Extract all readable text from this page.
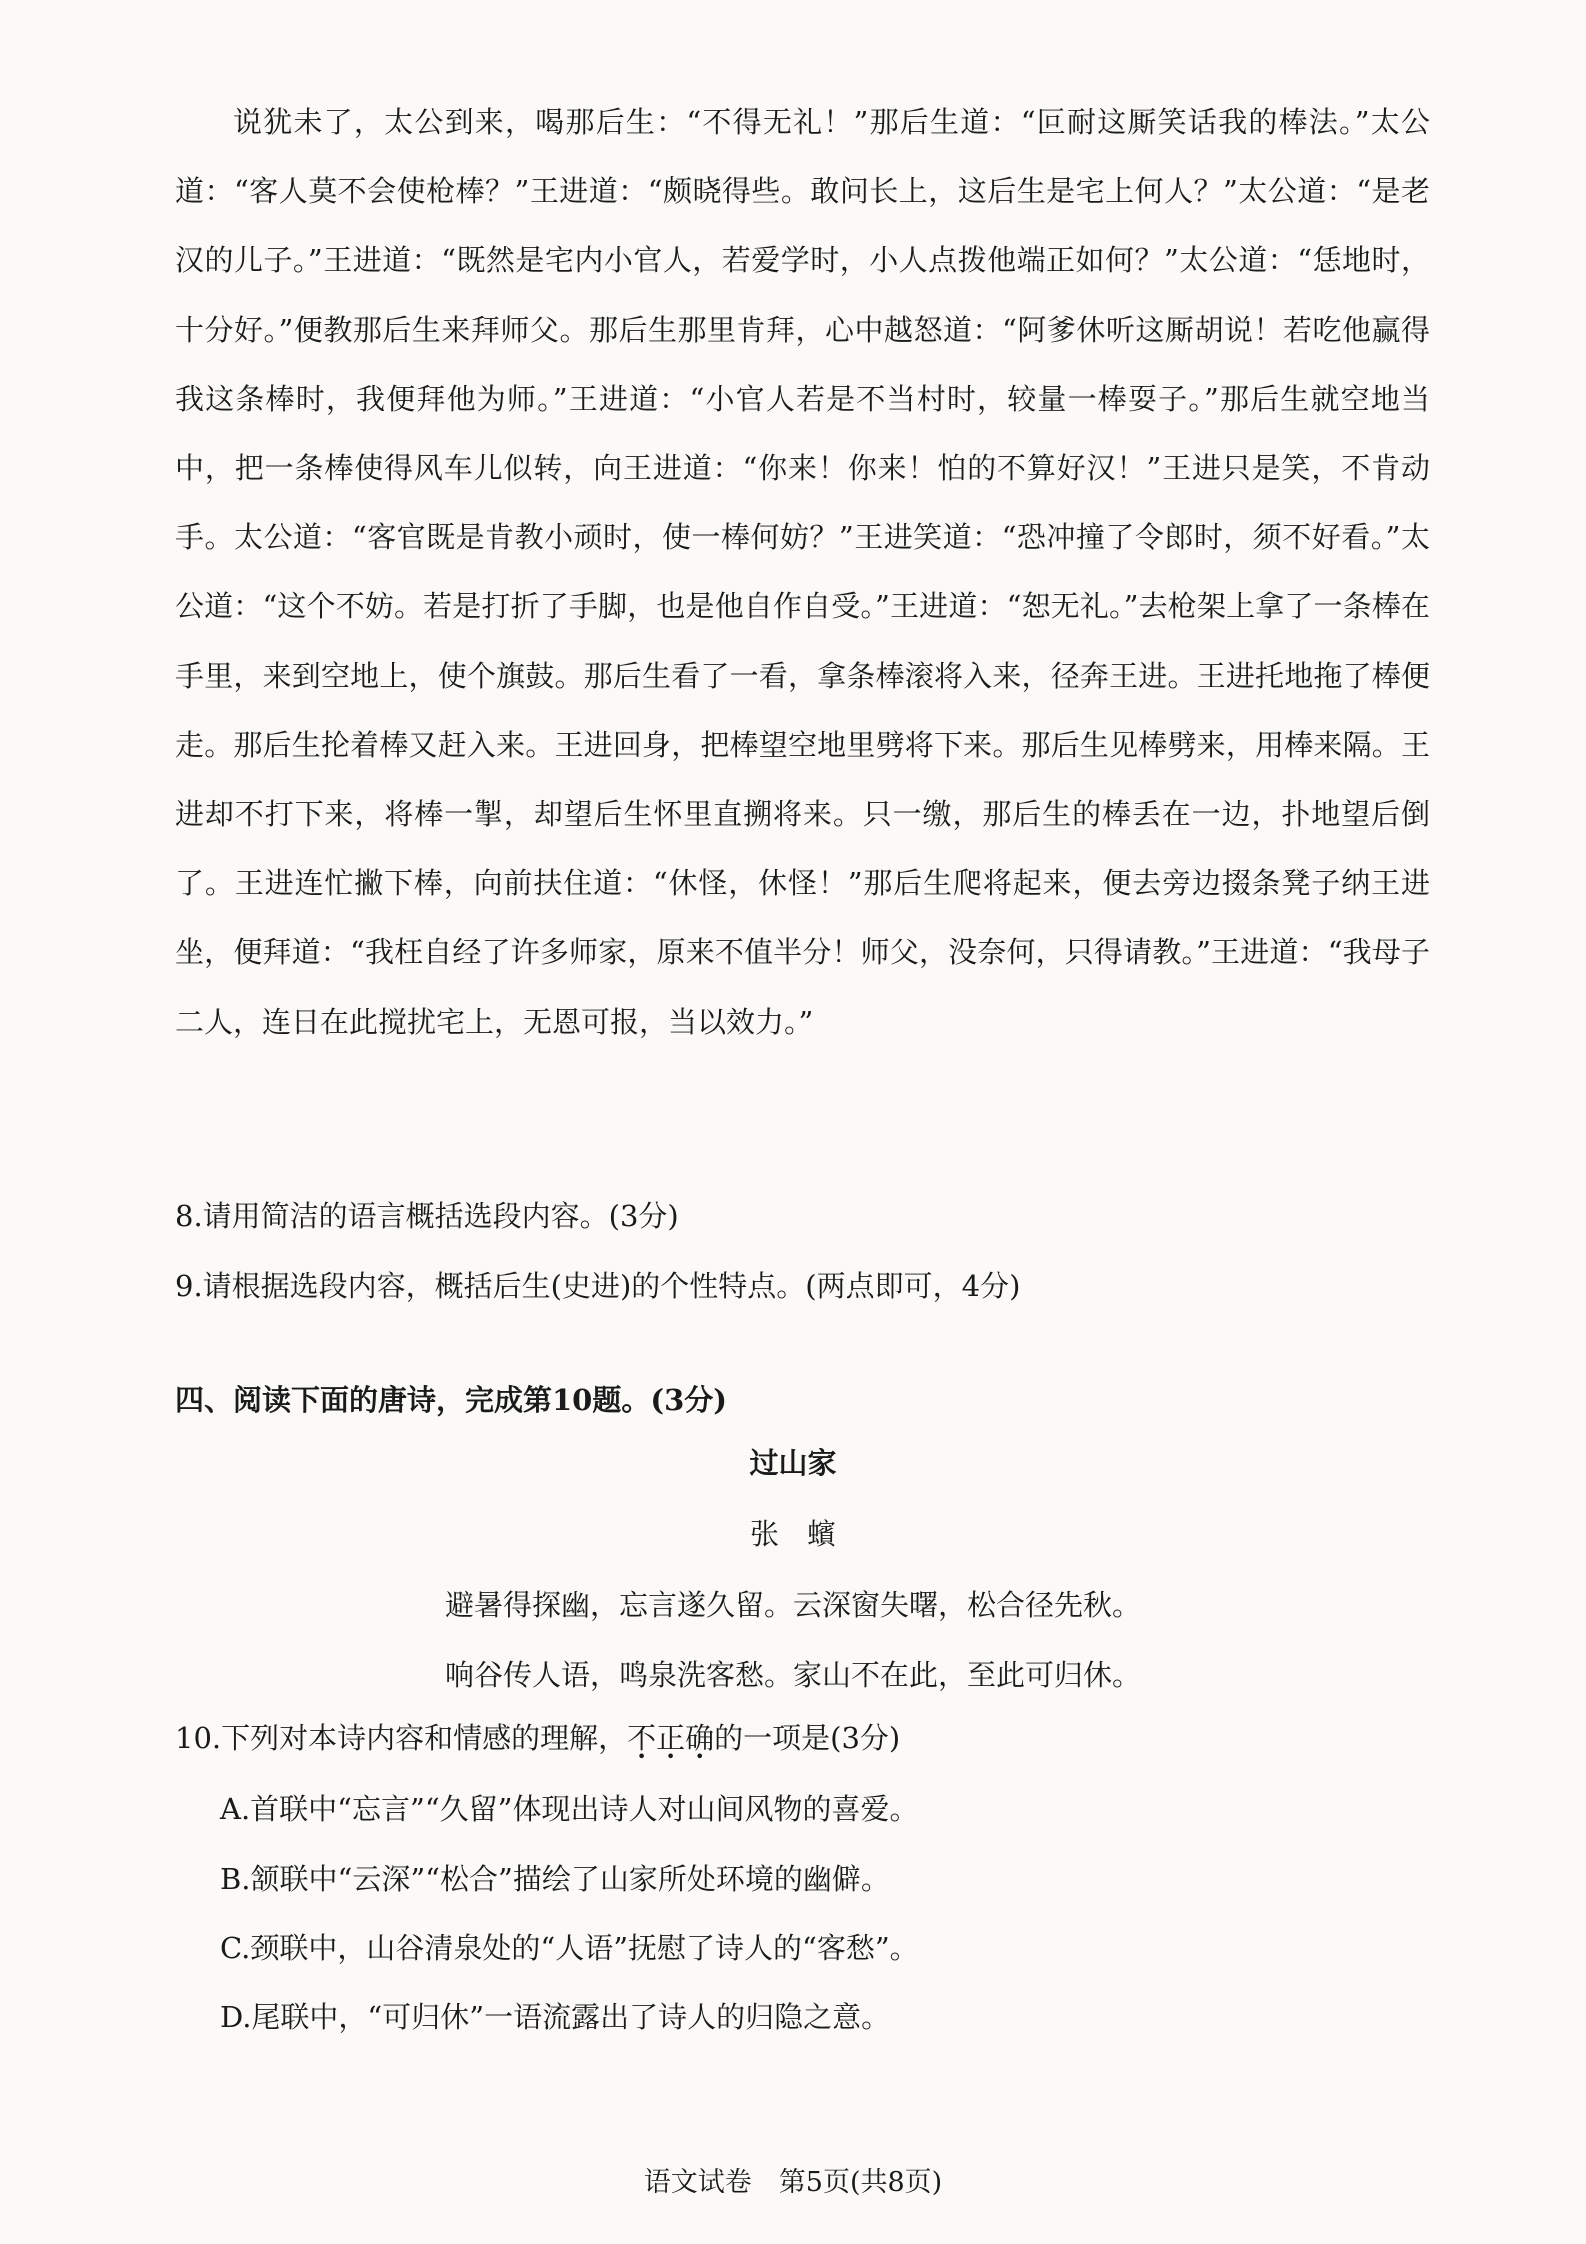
说犹未了，太公到来，喝那后生：“不得无礼！”那后生道：“叵耐这厮笑话我的棒法。”太公道：“客人莫不会使枪棒？”王进道：“颇晓得些。敢问长上，这后生是宅上何人？”太公道：“是老汉的儿子。”王进道：“既然是宅内小官人，若爱学时，小人点拨他端正如何？”太公道：“恁地时，十分好。”便教那后生来拜师父。那后生那里肯拜，心中越怒道：“阿爹休听这厮胡说！若吃他赢得我这条棒时，我便拜他为师。”王进道：“小官人若是不当村时，较量一棒耍子。”那后生就空地当中，把一条棒使得风车儿似转，向王进道：“你来！你来！怕的不算好汉！”王进只是笑，不肯动手。太公道：“客官既是肯教小顽时，使一棒何妨？”王进笑道：“恐冲撞了令郎时，须不好看。”太公道：“这个不妨。若是打折了手脚，也是他自作自受。”王进道：“恕无礼。”去枪架上拿了一条棒在手里，来到空地上，使个旗鼓。那后生看了一看，拿条棒滚将入来，径奔王进。王进托地拖了棒便走。那后生抡着棒又赶入来。王进回身，把棒望空地里劈将下来。那后生见棒劈来，用棒来隔。王进却不打下来，将棒一掣，却望后生怀里直搠将来。只一缴，那后生的棒丢在一边，扑地望后倒了。王进连忙撇下棒，向前扶住道：“休怪，休怪！”那后生爬将起来，便去旁边掇条凳子纳王进坐，便拜道：“我枉自经了许多师家，原来不值半分！师父，没奈何，只得请教。”王进道：“我母子二人，连日在此搅扰宅上，无恩可报，当以效力。”

8.请用简洁的语言概括选段内容。(3分)
9.请根据选段内容，概括后生(史进)的个性特点。(两点即可，4分)
四、阅读下面的唐诗，完成第10题。(3分)
过山家
张蠙
避暑得探幽，忘言遂久留。云深窗失曙，松合径先秋。
响谷传人语，鸣泉洗客愁。家山不在此，至此可归休。
10.下列对本诗内容和情感的理解，不正确的一项是(3分)
A.首联中“忘言”“久留”体现出诗人对山间风物的喜爱。
B.颔联中“云深”“松合”描绘了山家所处环境的幽僻。
C.颈联中，山谷清泉处的“人语”抚慰了诗人的“客愁”。
D.尾联中，“可归休”一语流露出了诗人的归隐之意。
语文试卷　第5页(共8页)
